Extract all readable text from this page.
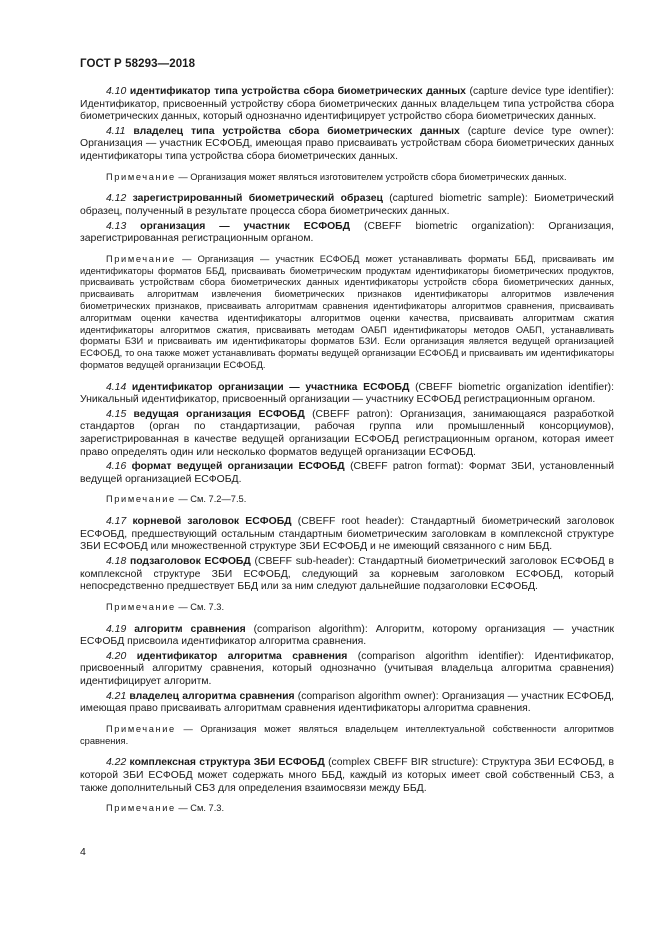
ГОСТ Р 58293—2018

4.10 идентификатор типа устройства сбора биометрических данных (capture device type identifier): Идентификатор, присвоенный устройству сбора биометрических данных владельцем типа устройства сбора биометрических данных, который однозначно идентифицирует устройство сбора биометрических данных.

4.11 владелец типа устройства сбора биометрических данных (capture device type owner): Организация — участник ЕСФОБД, имеющая право присваивать устройствам сбора биометрических данных идентификаторы типа устройства сбора биометрических данных.

Примечание — Организация может являться изготовителем устройств сбора биометрических данных.

4.12 зарегистрированный биометрический образец (captured biometric sample): Биометрический образец, полученный в результате процесса сбора биометрических данных.

4.13 организация — участник ЕСФОБД (CBEFF biometric organization): Организация, зарегистрированная регистрационным органом.

Примечание — Организация — участник ЕСФОБД может устанавливать форматы ББД, присваивать им идентификаторы форматов ББД, присваивать биометрическим продуктам идентификаторы биометрических продуктов, присваивать устройствам сбора биометрических данных идентификаторы устройств сбора биометрических данных, присваивать алгоритмам извлечения биометрических признаков идентификаторы алгоритмов извлечения биометрических признаков, присваивать алгоритмам сравнения идентификаторы алгоритмов сравнения, присваивать алгоритмам оценки качества идентификаторы алгоритмов оценки качества, присваивать алгоритмам сжатия идентификаторы алгоритмов сжатия, присваивать методам ОАБП идентификаторы методов ОАБП, устанавливать форматы БЗИ и присваивать им идентификаторы форматов БЗИ. Если организация является ведущей организацией ЕСФОБД, то она также может устанавливать форматы ведущей организации ЕСФОБД и присваивать им идентификаторы форматов ведущей организации ЕСФОБД.

4.14 идентификатор организации — участника ЕСФОБД (CBEFF biometric organization identifier): Уникальный идентификатор, присвоенный организации — участнику ЕСФОБД регистрационным органом.

4.15 ведущая организация ЕСФОБД (CBEFF patron): Организация, занимающаяся разработкой стандартов (орган по стандартизации, рабочая группа или промышленный консорциумов), зарегистрированная в качестве ведущей организации ЕСФОБД регистрационным органом, которая имеет право определять один или несколько форматов ведущей организации ЕСФОБД.

4.16 формат ведущей организации ЕСФОБД (CBEFF patron format): Формат ЗБИ, установленный ведущей организацией ЕСФОБД.

Примечание — См. 7.2—7.5.

4.17 корневой заголовок ЕСФОБД (CBEFF root header): Стандартный биометрический заголовок ЕСФОБД, предшествующий остальным стандартным биометрическим заголовкам в комплексной структуре ЗБИ ЕСФОБД или множественной структуре ЗБИ ЕСФОБД и не имеющий связанного с ним ББД.

4.18 подзаголовок ЕСФОБД (CBEFF sub-header): Стандартный биометрический заголовок ЕСФОБД в комплексной структуре ЗБИ ЕСФОБД, следующий за корневым заголовком ЕСФОБД, который непосредственно предшествует ББД или за ним следуют дальнейшие подзаголовки ЕСФОБД.

Примечание — См. 7.3.

4.19 алгоритм сравнения (comparison algorithm): Алгоритм, которому организация — участник ЕСФОБД присвоила идентификатор алгоритма сравнения.

4.20 идентификатор алгоритма сравнения (comparison algorithm identifier): Идентификатор, присвоенный алгоритму сравнения, который однозначно (учитывая владельца алгоритма сравнения) идентифицирует алгоритм.

4.21 владелец алгоритма сравнения (comparison algorithm owner): Организация — участник ЕСФОБД, имеющая право присваивать алгоритмам сравнения идентификаторы алгоритма сравнения.

Примечание — Организация может являться владельцем интеллектуальной собственности алгоритмов сравнения.

4.22 комплексная структура ЗБИ ЕСФОБД (complex CBEFF BIR structure): Структура ЗБИ ЕСФОБД, в которой ЗБИ ЕСФОБД может содержать много ББД, каждый из которых имеет свой собственный СБЗ, а также дополнительный СБЗ для определения взаимосвязи между ББД.

Примечание — См. 7.3.

4
